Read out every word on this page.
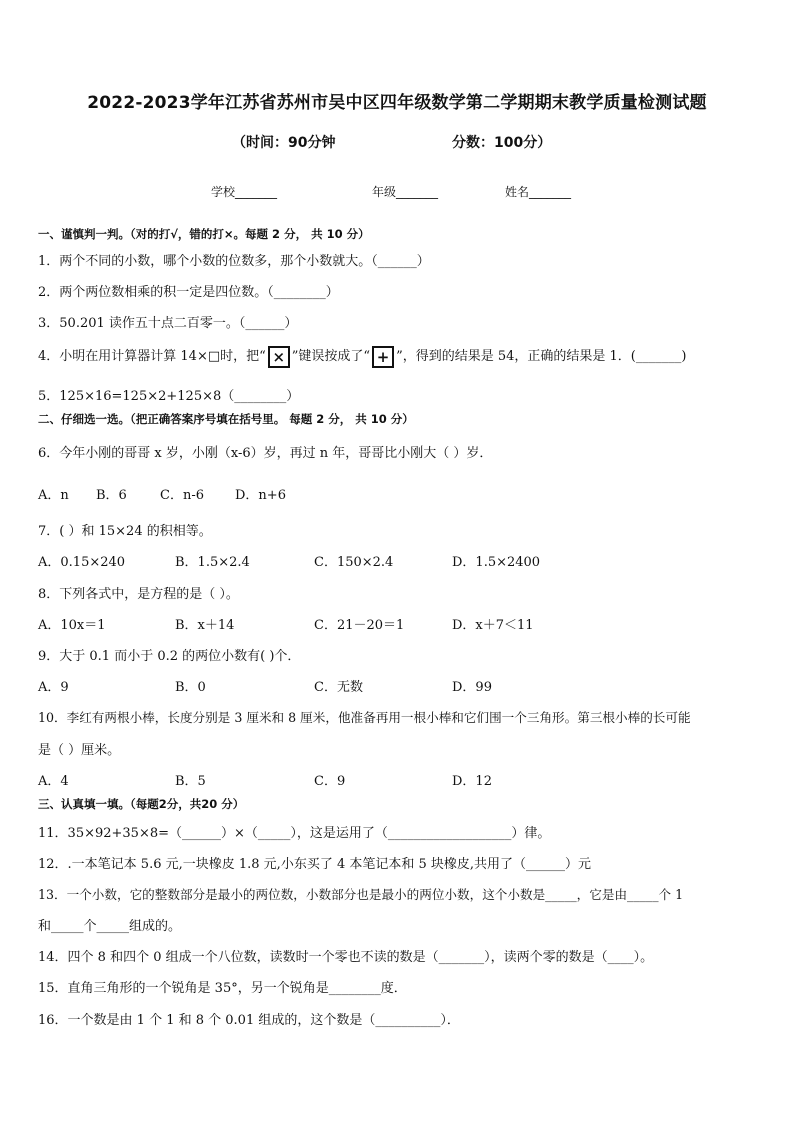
2022-2023学年江苏省苏州市吴中区四年级数学第二学期期末教学质量检测试题
（时间：90分钟	分数：100分）
学校_______	年级_______	姓名_______
一、谨慎判一判。（对的打√，错的打×。每题 2 分， 共 10 分）
1．两个不同的小数，哪个小数的位数多，那个小数就大。（______）
2．两个两位数相乘的积一定是四位数。（________）
3．50.201 读作五十点二百零一。（______）
4．小明在用计算器计算 14×□时，把“ × ”键误按成了“ + ”，得到的结果是 54，正确的结果是 1．(_______)
5．125×16=125×2+125×8（________）
二、仔细选一选。（把正确答案序号填在括号里。 每题 2 分， 共 10 分）
6．今年小刚的哥哥 x 岁，小刚（x-6）岁，再过 n 年，哥哥比小刚大（ ）岁．
A．n B．6	C．n-6 D．n+6
7．( ）和 15×24 的积相等。
A．0.15×240	B．1.5×2.4	C．150×2.4	D．1.5×2400
8．下列各式中，是方程的是（ ）。
A．10x＝1	B．x＋14	C．21－20＝1	D．x＋7＜11
9．大于 0.1 而小于 0.2 的两位小数有( )个．
A．9	B．0	C．无数	D．99
10．李红有两根小棒，长度分别是 3 厘米和 8 厘米，他准备再用一根小棒和它们围一个三角形。第三根小棒的长可能
是（ ）厘米。
A．4	B．5	C．9	D．12
三、认真填一填。（每题2分，共20 分）
11．35×92+35×8=（______）×（_____），这是运用了（___________________）律。
12．.一本笔记本 5.6 元,一块橡皮 1.8 元,小东买了 4 本笔记本和 5 块橡皮,共用了（______）元
13．一个小数，它的整数部分是最小的两位数，小数部分也是最小的两位小数，这个小数是_____，它是由_____个 1
和_____个_____组成的。
14．四个 8 和四个 0 组成一个八位数，读数时一个零也不读的数是（_______），读两个零的数是（____）。
15．直角三角形的一个锐角是 35°，另一个锐角是________度．
16．一个数是由 1 个 1 和 8 个 0.01 组成的，这个数是（__________）．
